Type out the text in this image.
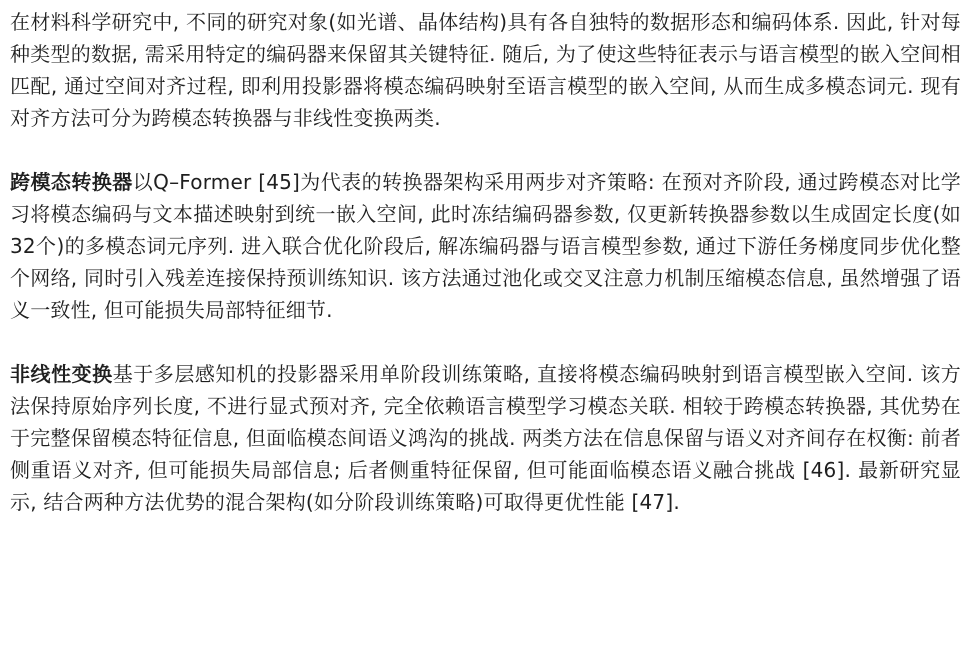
在材料科学研究中, 不同的研究对象(如光谱、晶体结构)具有各自独特的数据形态和编码体系. 因此, 针对每种类型的数据, 需采用特定的编码器来保留其关键特征. 随后, 为了使这些特征表示与语言模型的嵌入空间相匹配, 通过空间对齐过程, 即利用投影器将模态编码映射至语言模型的嵌入空间, 从而生成多模态词元. 现有对齐方法可分为跨模态转换器与非线性变换两类.

跨模态转换器以Q–Former [45]为代表的转换器架构采用两步对齐策略: 在预对齐阶段, 通过跨模态对比学习将模态编码与文本描述映射到统一嵌入空间, 此时冻结编码器参数, 仅更新转换器参数以生成固定长度(如32个)的多模态词元序列. 进入联合优化阶段后, 解冻编码器与语言模型参数, 通过下游任务梯度同步优化整个网络, 同时引入残差连接保持预训练知识. 该方法通过池化或交叉注意力机制压缩模态信息, 虽然增强了语义一致性, 但可能损失局部特征细节.

非线性变换基于多层感知机的投影器采用单阶段训练策略, 直接将模态编码映射到语言模型嵌入空间. 该方法保持原始序列长度, 不进行显式预对齐, 完全依赖语言模型学习模态关联. 相较于跨模态转换器, 其优势在于完整保留模态特征信息, 但面临模态间语义鸿沟的挑战. 两类方法在信息保留与语义对齐间存在权衡: 前者侧重语义对齐, 但可能损失局部信息; 后者侧重特征保留, 但可能面临模态语义融合挑战 [46]. 最新研究显示, 结合两种方法优势的混合架构(如分阶段训练策略)可取得更优性能 [47].
